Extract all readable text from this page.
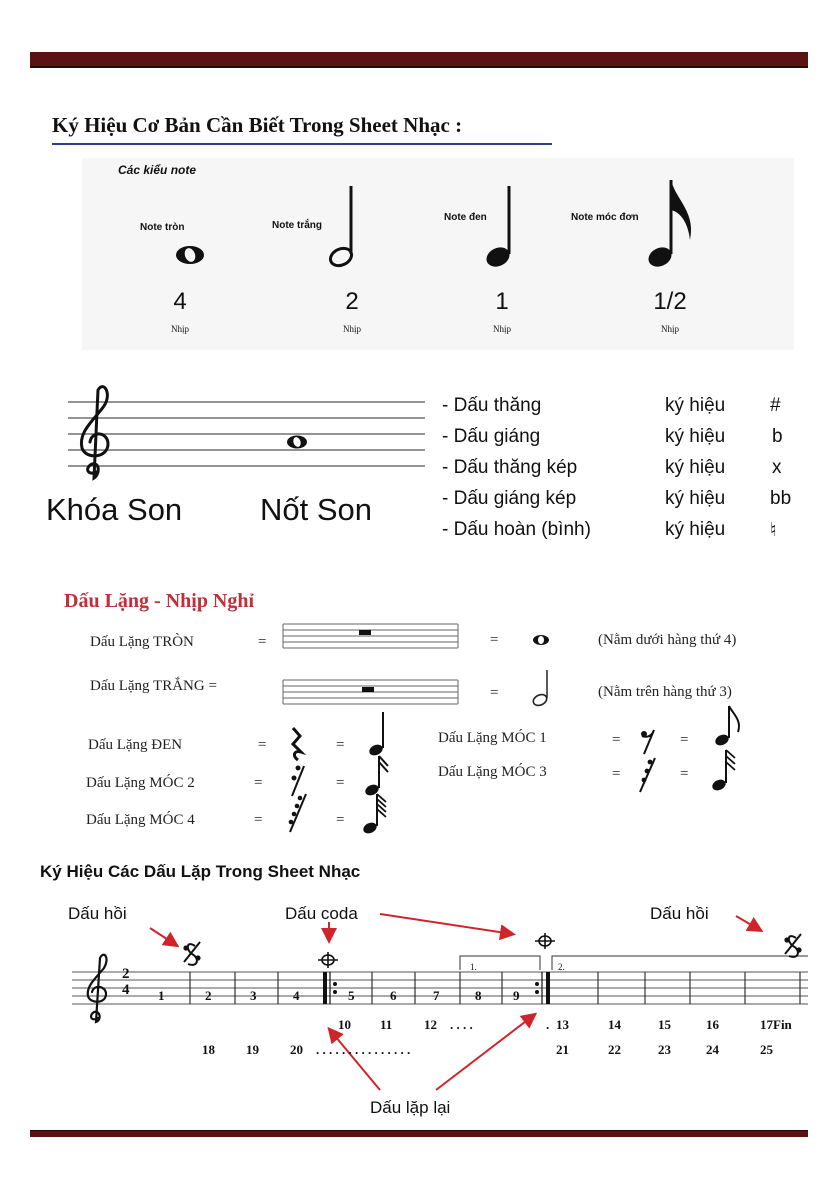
Ký Hiệu Cơ Bản Cần Biết Trong Sheet Nhạc :
Các kiểu note
Note tròn	Note trắng
Note đen	Note móc đơn
4	2	1	1/2
Nhịp	Nhịp	Nhịp	Nhịp
Khóa Son	Nốt Son
- Dấu thăng	ký hiệu #
- Dấu giáng	ký hiệu b
- Dấu thăng kép	ký hiệu x
- Dấu giáng kép	ký hiệu bb
- Dấu hoàn (bình)	ký hiệu ♮
Dấu Lặng - Nhịp Nghỉ
Dấu Lặng TRÒN	=	=	(Nằm dưới hàng thứ 4)
Dấu Lặng TRẮNG =	=	(Nằm trên hàng thứ 3)
Dấu Lặng ĐEN	=	=
Dấu Lặng MÓC 2	=	=
Dấu Lặng MÓC 4	=	=
Dấu Lặng MÓC 1	=	=
Dấu Lặng MÓC 3	=	=
Ký Hiệu Các Dấu Lặp Trong Sheet Nhạc
Dấu hồi	Dấu coda	Dấu hồi
Dấu lặp lại
2
4 1	2	3	4	5	6	7	8 9
1.	2.
10 11 12 . . . .	. 13	14	15	16	17Fin
18 19 20 . . . . . . . . . . . . . . .	21	22	23	24	25
